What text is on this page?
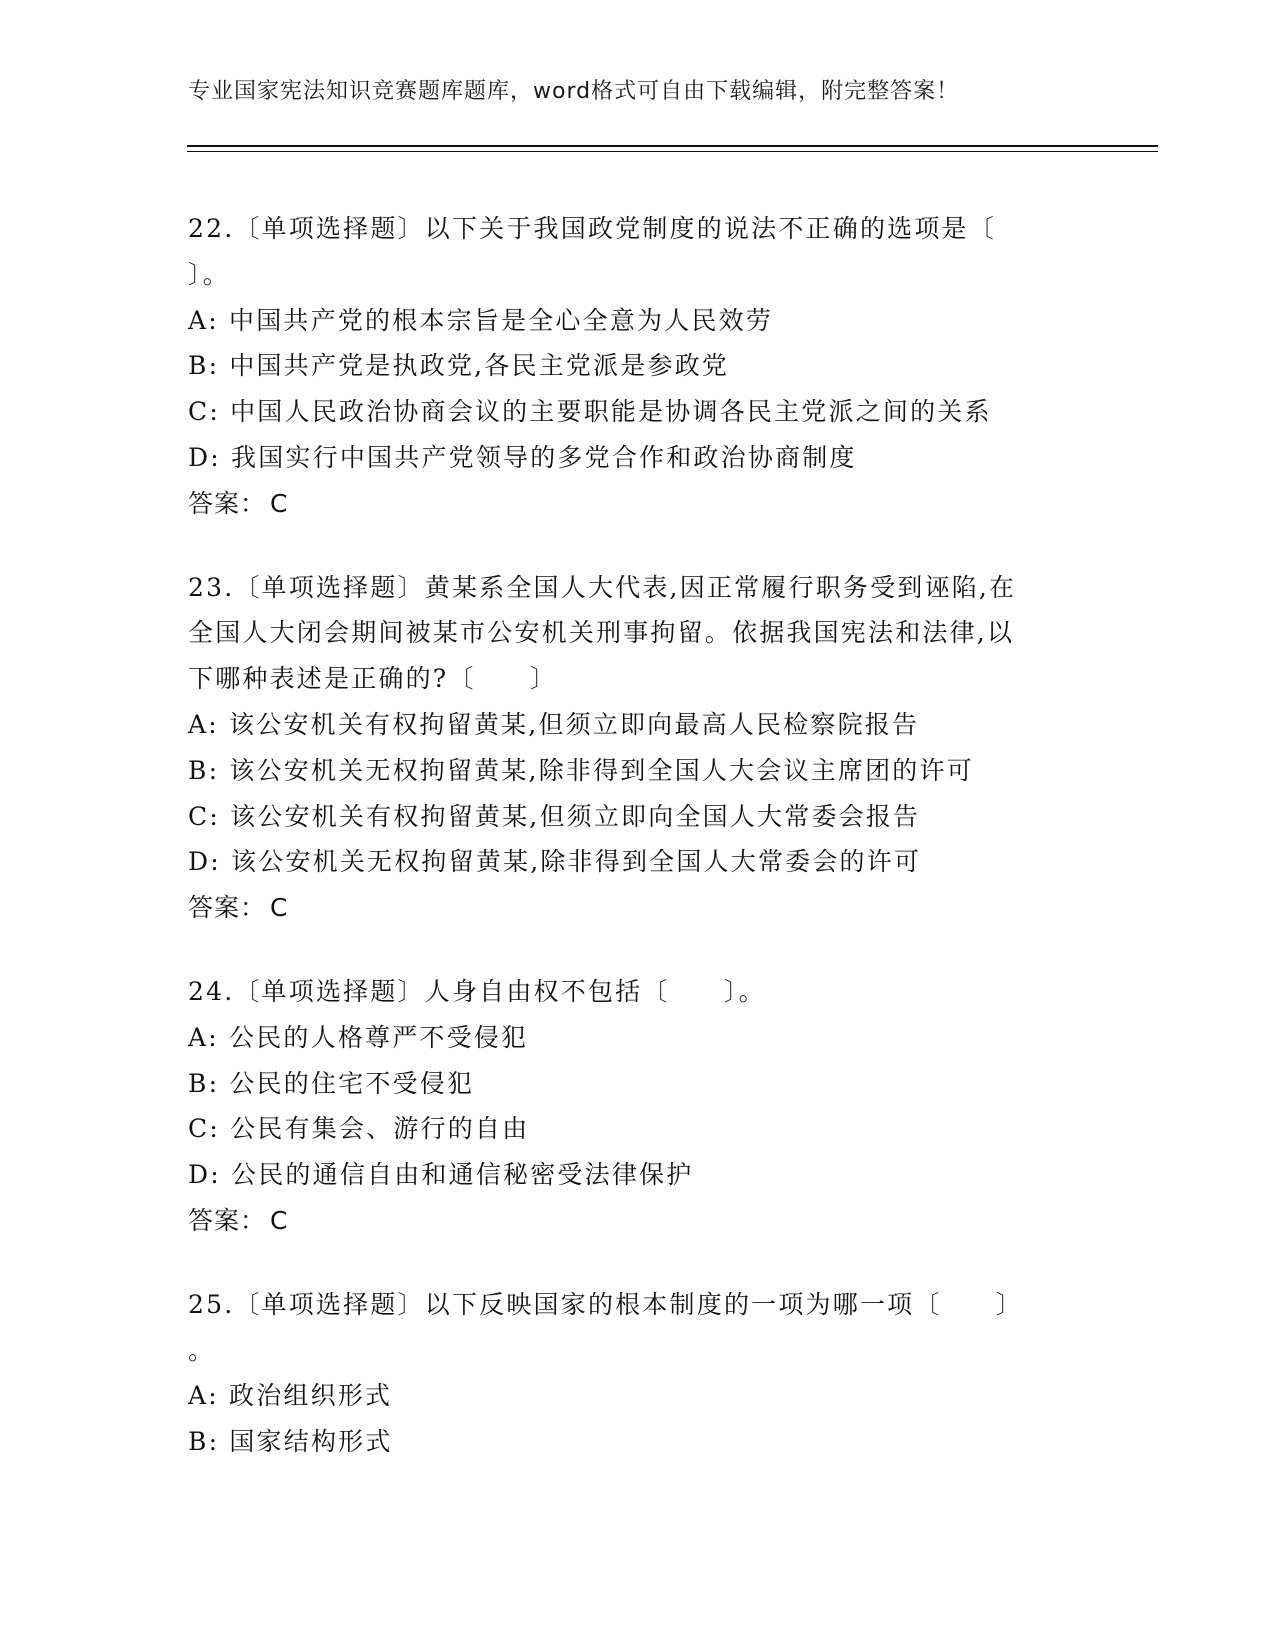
专业国家宪法知识竞赛题库题库，word格式可自由下载编辑，附完整答案！
22.〔单项选择题〕以下关于我国政党制度的说法不正确的选项是〔
〕。
A: 中国共产党的根本宗旨是全心全意为人民效劳
B: 中国共产党是执政党,各民主党派是参政党
C: 中国人民政治协商会议的主要职能是协调各民主党派之间的关系
D: 我国实行中国共产党领导的多党合作和政治协商制度
答案： C
23.〔单项选择题〕黄某系全国人大代表,因正常履行职务受到诬陷,在
全国人大闭会期间被某市公安机关刑事拘留。依据我国宪法和法律,以
下哪种表述是正确的?〔　　〕
A: 该公安机关有权拘留黄某,但须立即向最高人民检察院报告
B: 该公安机关无权拘留黄某,除非得到全国人大会议主席团的许可
C: 该公安机关有权拘留黄某,但须立即向全国人大常委会报告
D: 该公安机关无权拘留黄某,除非得到全国人大常委会的许可
答案： C
24.〔单项选择题〕人身自由权不包括〔　　〕。
A: 公民的人格尊严不受侵犯
B: 公民的住宅不受侵犯
C: 公民有集会、游行的自由
D: 公民的通信自由和通信秘密受法律保护
答案： C
25.〔单项选择题〕以下反映国家的根本制度的一项为哪一项〔　　〕
。
A: 政治组织形式
B: 国家结构形式
